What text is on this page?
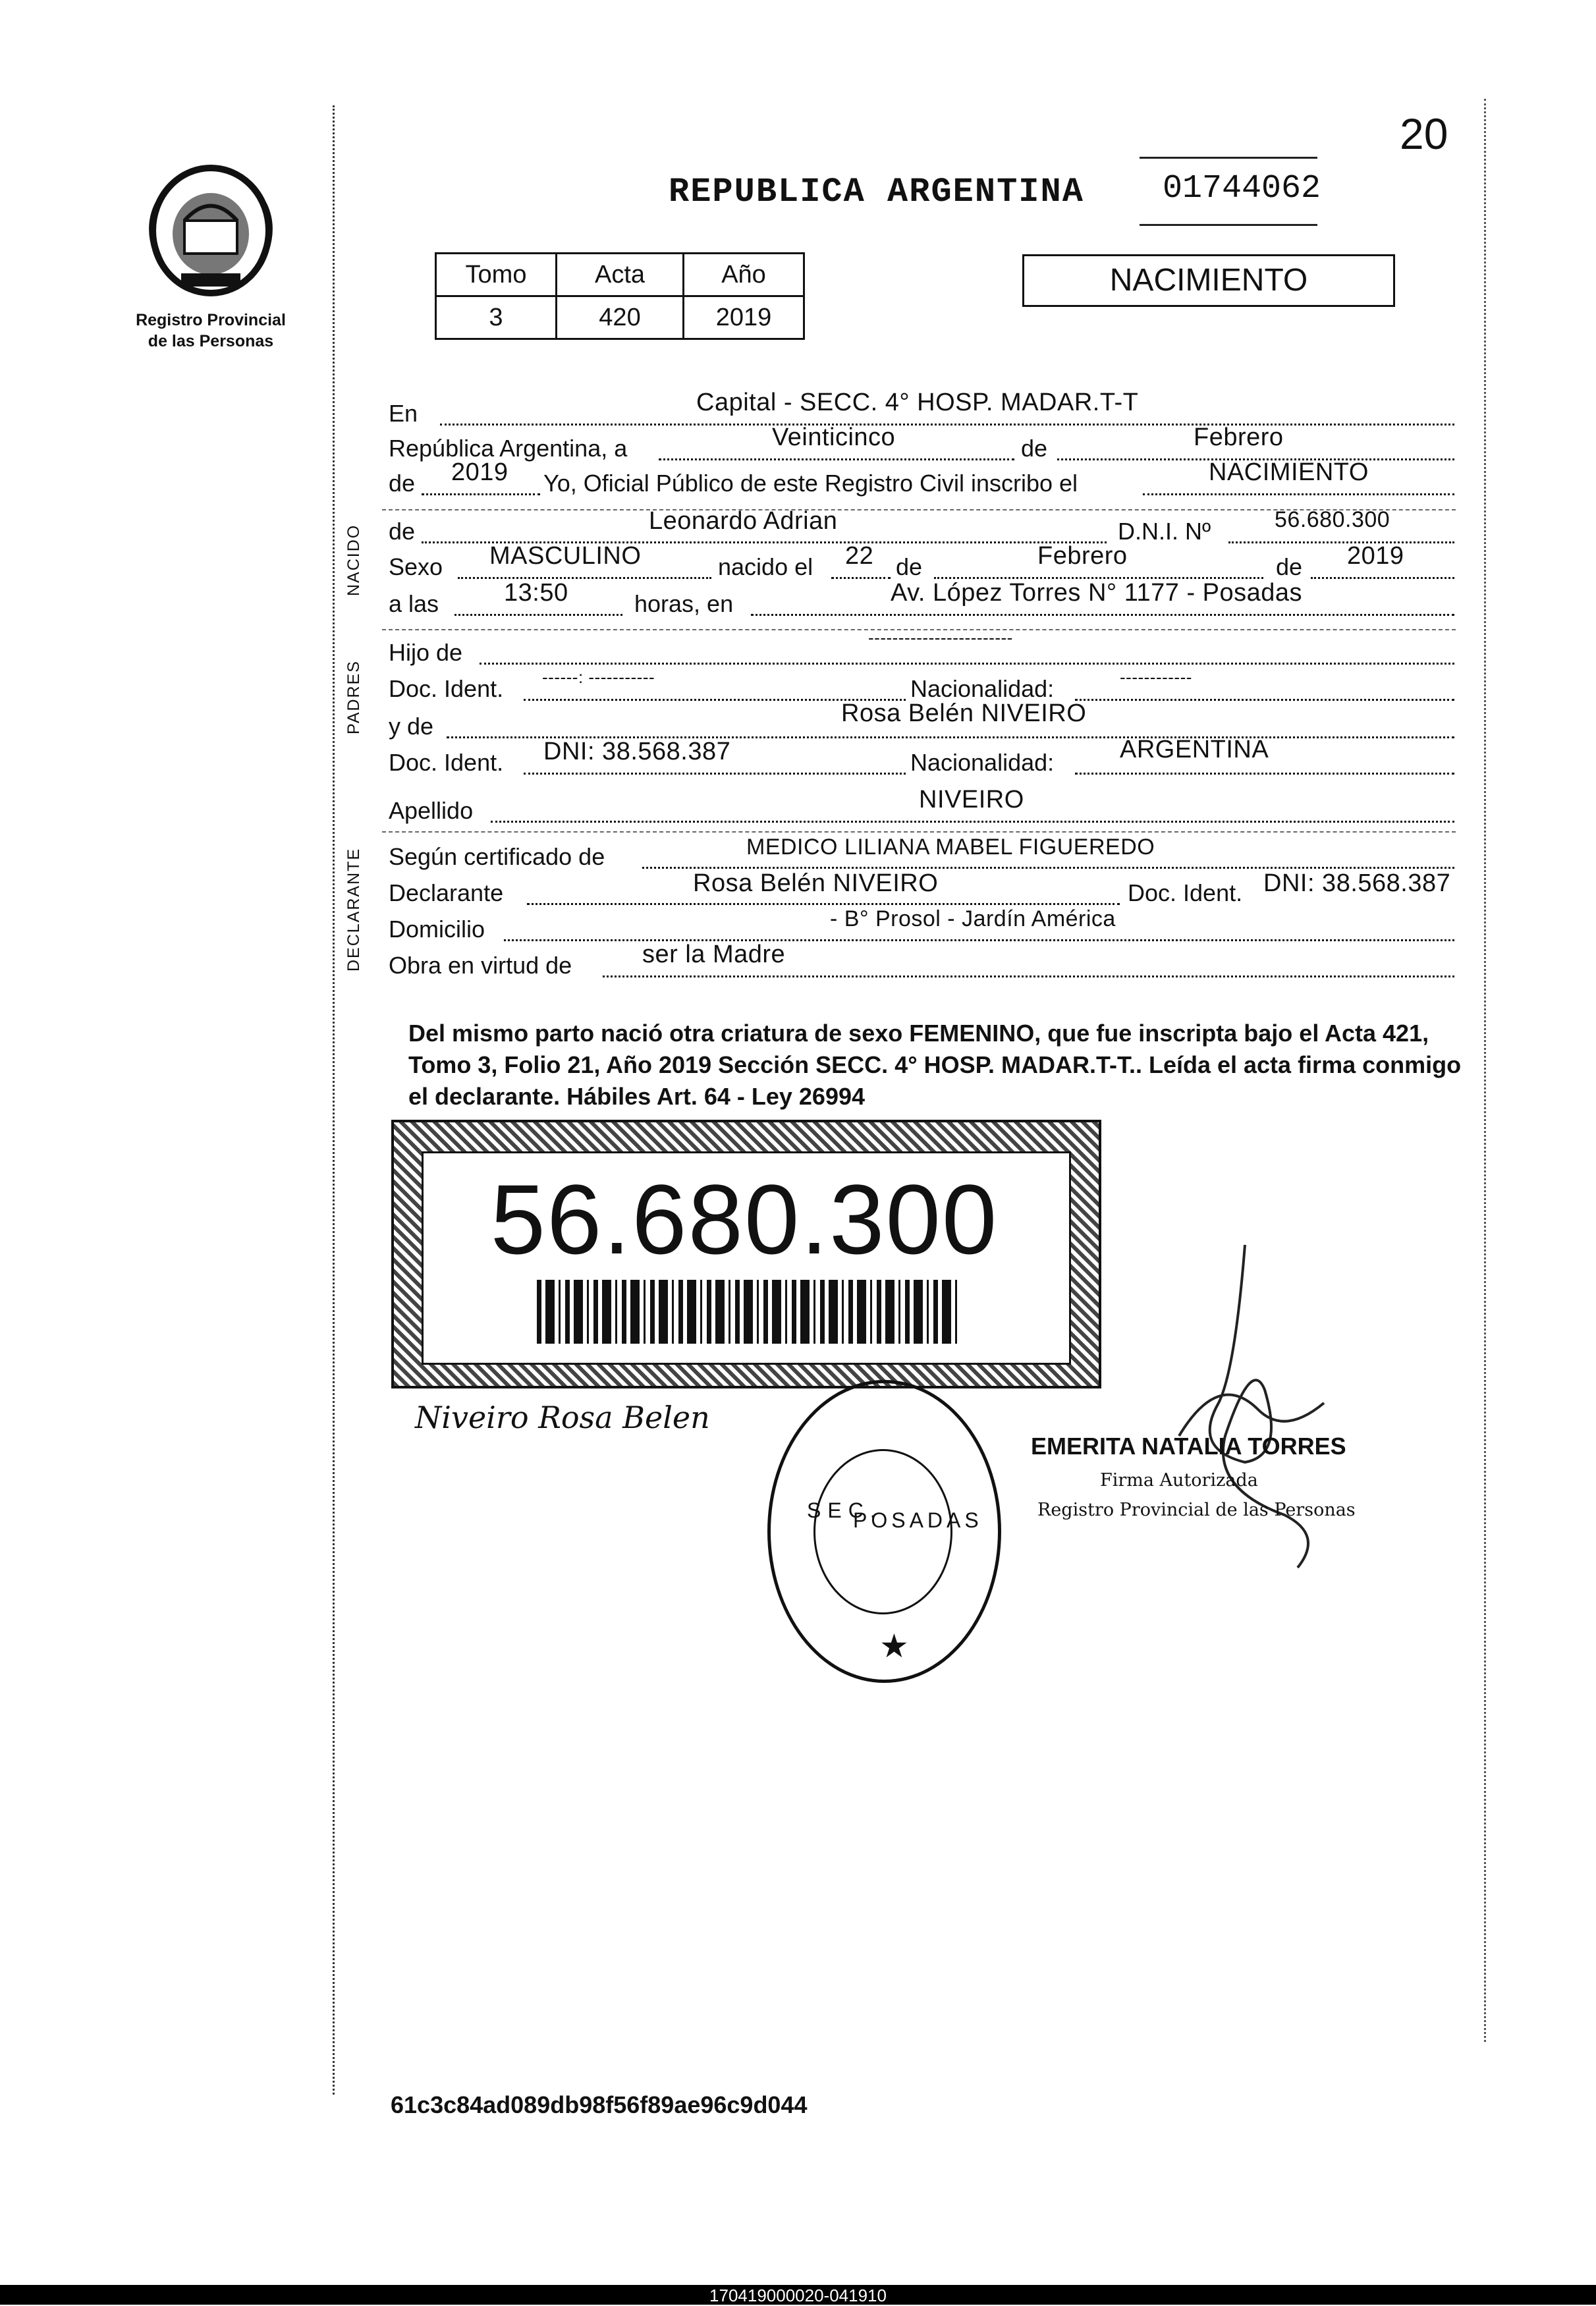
20
Registro Provincial
de las Personas
REPUBLICA ARGENTINA 01744062
Tomo	Acta	Año
3	420	2019
NACIMIENTO
En	Capital - SECC. 4° HOSP. MADAR.T-T
República Argentina, a	Veinticinco	de	Febrero
de 2019 Yo, Oficial Público de este Registro Civil inscribo el	NACIMIENTO
NACIDO de	Leonardo Adrian	D.N.I. Nº	56.680.300
Sexo MASCULINO	nacido el 22 de	Febrero	de 2019
a las	13:50	horas, en	Av. López Torres N° 1177 - Posadas
PADRES
Hijo de
------------------------
Doc. Ident. ------: -----------	Nacionalidad:	------------
y de	Rosa Belén NIVEIRO
Doc. Ident. DNI: 38.568.387	Nacionalidad:	ARGENTINA
Apellido	NIVEIRO
DECLARANTE Según certificado de	MEDICO LILIANA MABEL FIGUEREDO
Declarante	Rosa Belén NIVEIRO	Doc. Ident. DNI: 38.568.387
Domicilio	- B° Prosol - Jardín América
Obra en virtud de	ser la Madre
Del mismo parto nació otra criatura de sexo FEMENINO, que fue inscripta bajo el Acta 421, Tomo 3, Folio 21, Año 2019 Sección SECC. 4° HOSP. MADAR.T-T.. Leída el acta firma conmigo el declarante. Hábiles Art. 64 - Ley 26994
56.680.300
Niveiro Rosa Belen
SEC.
POSADAS
★
EMERITA NATALIA TORRES
Firma Autorizada
Registro Provincial de las Personas
61c3c84ad089db98f56f89ae96c9d044
170419000020-041910
